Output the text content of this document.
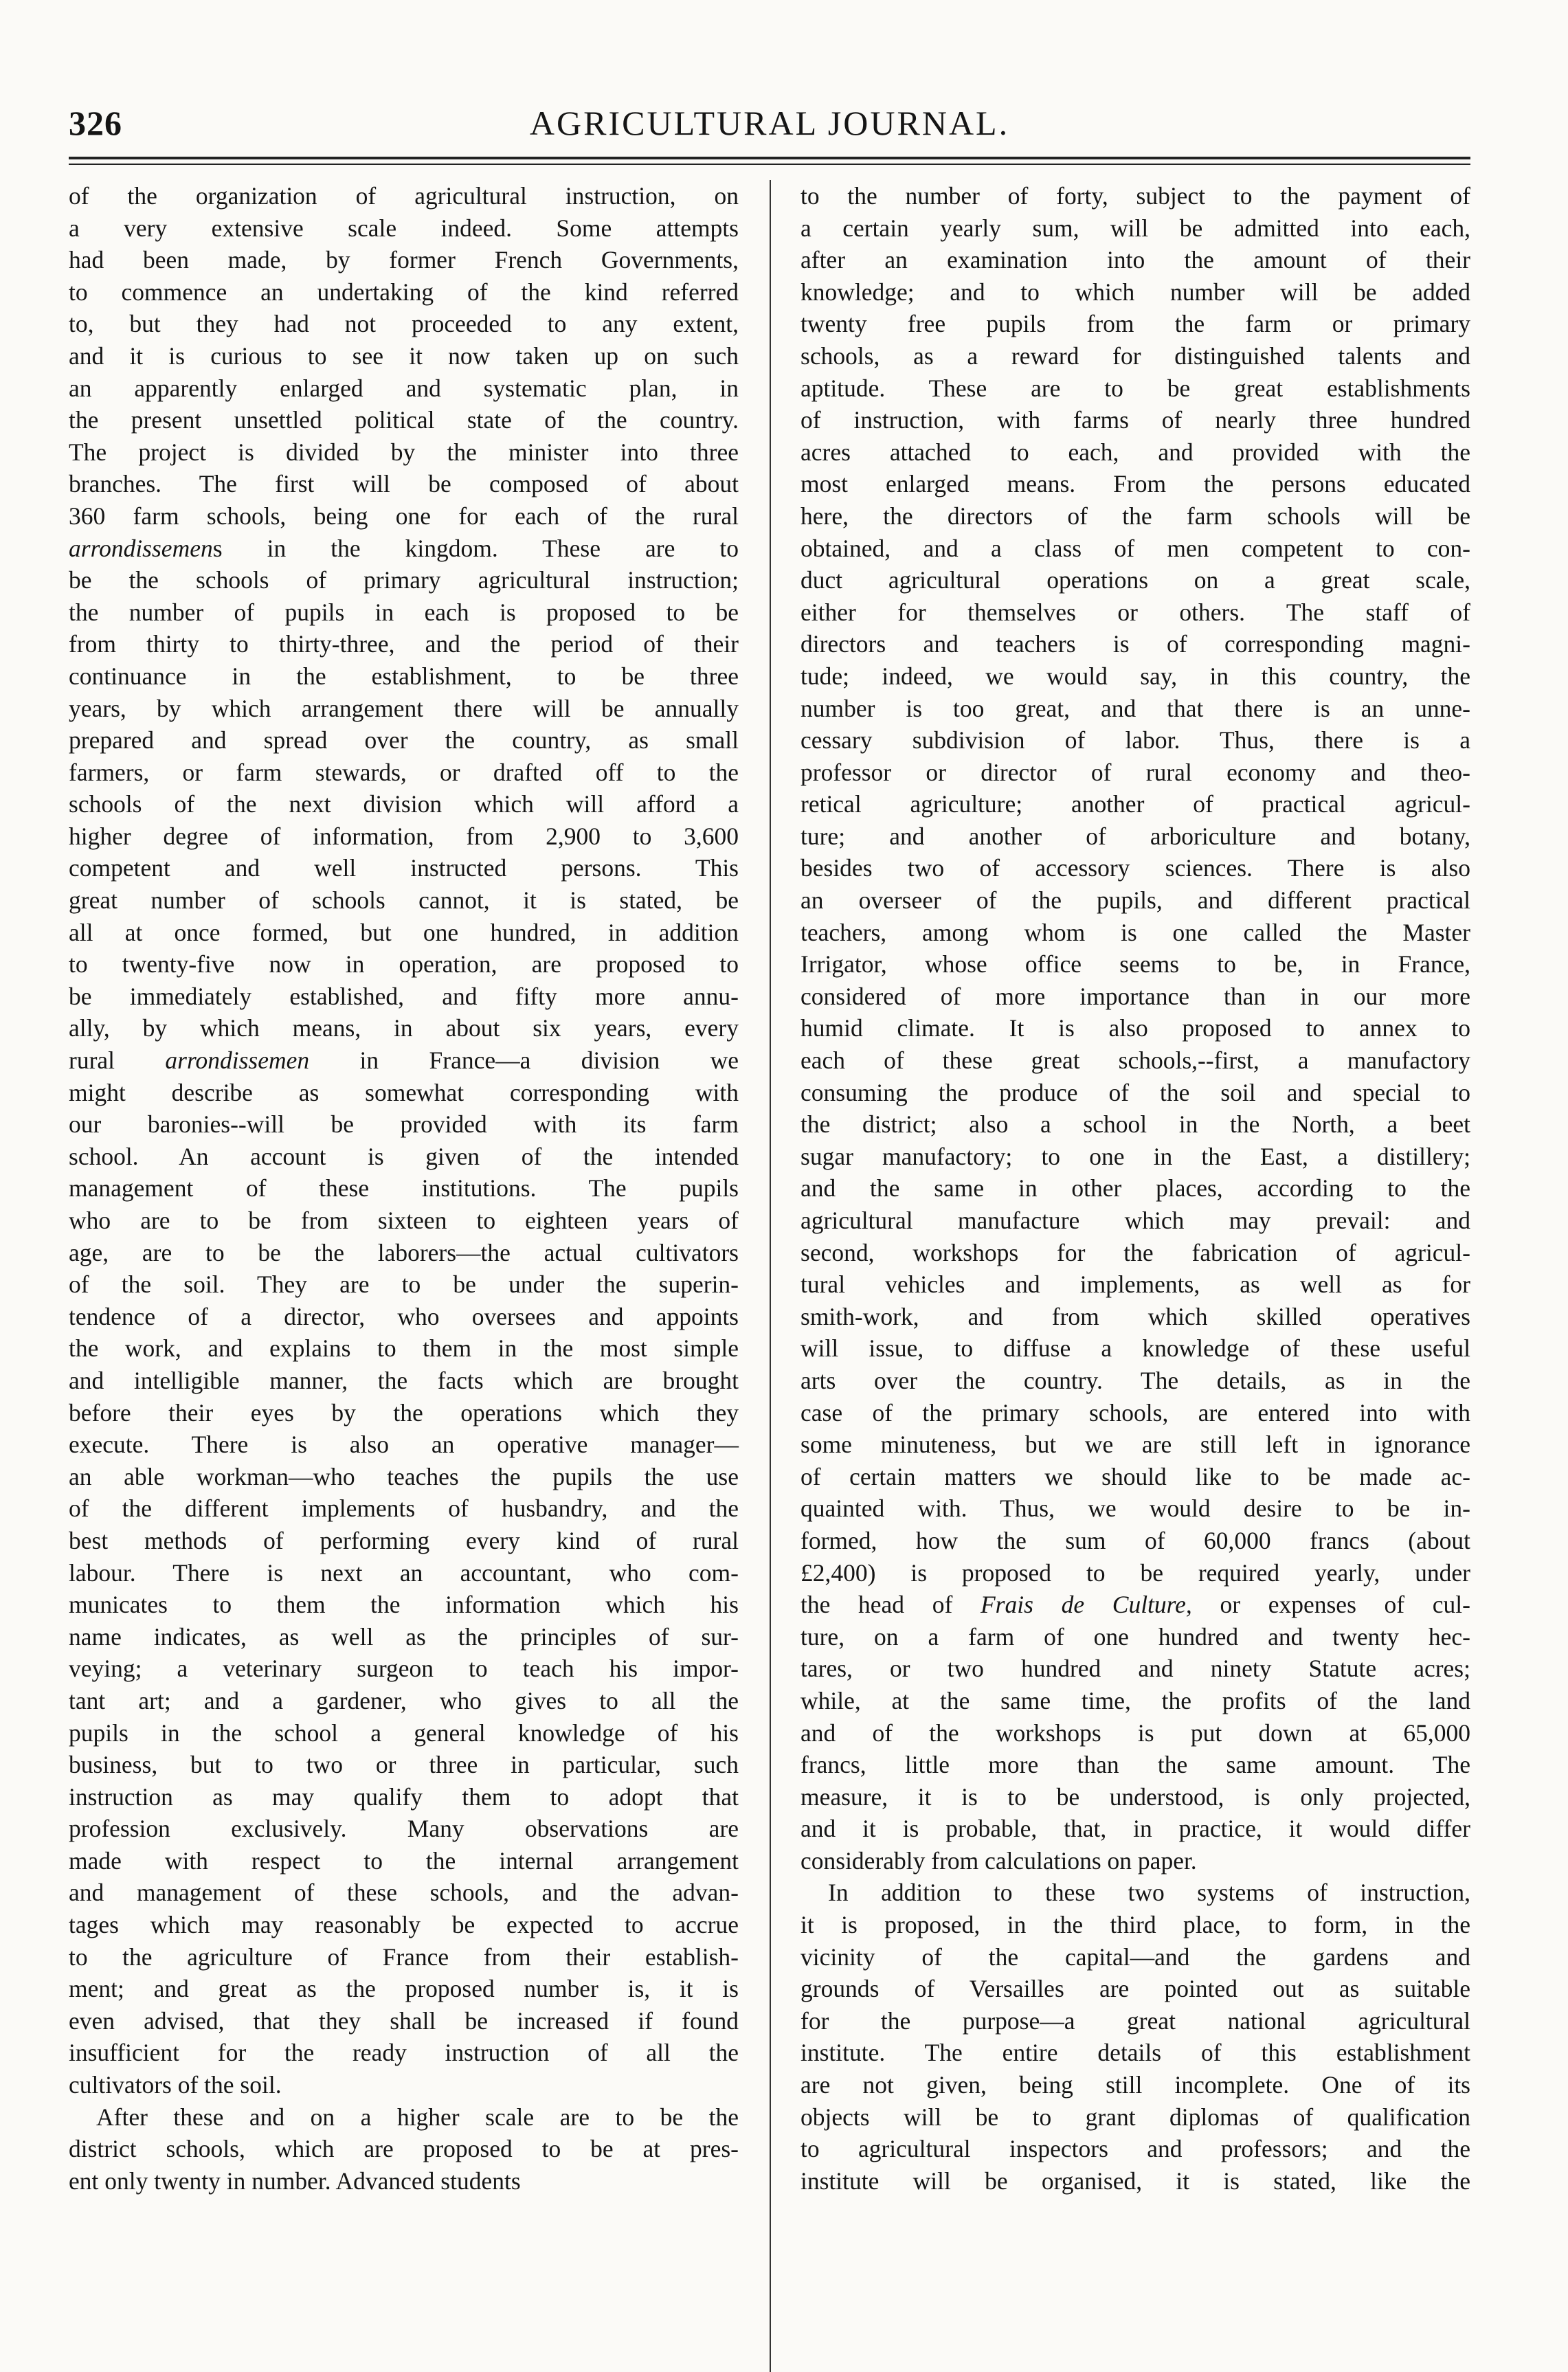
326	AGRICULTURAL JOURNAL.
of the organization of agricultural instruction, on
a very extensive scale indeed. Some attempts
had been made, by former French Governments,
to commence an undertaking of the kind referred
to, but they had not proceeded to any extent,
and it is curious to see it now taken up on such
an apparently enlarged and systematic plan, in
the present unsettled political state of the country.
The project is divided by the minister into three
branches. The first will be composed of about
360 farm schools, being one for each of the rural
arrondissemens in the kingdom. These are to
be the schools of primary agricultural instruction;
the number of pupils in each is proposed to be
from thirty to thirty-three, and the period of their
continuance in the establishment, to be three
years, by which arrangement there will be annually
prepared and spread over the country, as small
farmers, or farm stewards, or drafted off to the
schools of the next division which will afford a
higher degree of information, from 2,900 to 3,600
competent and well instructed persons. This
great number of schools cannot, it is stated, be
all at once formed, but one hundred, in addition
to twenty-five now in operation, are proposed to
be immediately established, and fifty more annu-
ally, by which means, in about six years, every
rural arrondissemen in France—a division we
might describe as somewhat corresponding with
our baronies--will be provided with its farm
school. An account is given of the intended
management of these institutions. The pupils
who are to be from sixteen to eighteen years of
age, are to be the laborers—the actual cultivators
of the soil. They are to be under the superin-
tendence of a director, who oversees and appoints
the work, and explains to them in the most simple
and intelligible manner, the facts which are brought
before their eyes by the operations which they
execute. There is also an operative manager—
an able workman—who teaches the pupils the use
of the different implements of husbandry, and the
best methods of performing every kind of rural
labour. There is next an accountant, who com-
municates to them the information which his
name indicates, as well as the principles of sur-
veying; a veterinary surgeon to teach his impor-
tant art; and a gardener, who gives to all the
pupils in the school a general knowledge of his
business, but to two or three in particular, such
instruction as may qualify them to adopt that
profession exclusively. Many observations are
made with respect to the internal arrangement
and management of these schools, and the advan-
tages which may reasonably be expected to accrue
to the agriculture of France from their establish-
ment; and great as the proposed number is, it is
even advised, that they shall be increased if found
insufficient for the ready instruction of all the
cultivators of the soil.
After these and on a higher scale are to be the
district schools, which are proposed to be at pres-
ent only twenty in number. Advanced students
to the number of forty, subject to the payment of
a certain yearly sum, will be admitted into each,
after an examination into the amount of their
knowledge; and to which number will be added
twenty free pupils from the farm or primary
schools, as a reward for distinguished talents and
aptitude. These are to be great establishments
of instruction, with farms of nearly three hundred
acres attached to each, and provided with the
most enlarged means. From the persons educated
here, the directors of the farm schools will be
obtained, and a class of men competent to con-
duct agricultural operations on a great scale,
either for themselves or others. The staff of
directors and teachers is of corresponding magni-
tude; indeed, we would say, in this country, the
number is too great, and that there is an unne-
cessary subdivision of labor. Thus, there is a
professor or director of rural economy and theo-
retical agriculture; another of practical agricul-
ture; and another of arboriculture and botany,
besides two of accessory sciences. There is also
an overseer of the pupils, and different practical
teachers, among whom is one called the Master
Irrigator, whose office seems to be, in France,
considered of more importance than in our more
humid climate. It is also proposed to annex to
each of these great schools,--first, a manufactory
consuming the produce of the soil and special to
the district; also a school in the North, a beet
sugar manufactory; to one in the East, a distillery;
and the same in other places, according to the
agricultural manufacture which may prevail: and
second, workshops for the fabrication of agricul-
tural vehicles and implements, as well as for
smith-work, and from which skilled operatives
will issue, to diffuse a knowledge of these useful
arts over the country. The details, as in the
case of the primary schools, are entered into with
some minuteness, but we are still left in ignorance
of certain matters we should like to be made ac-
quainted with. Thus, we would desire to be in-
formed, how the sum of 60,000 francs (about
£2,400) is proposed to be required yearly, under
the head of Frais de Culture, or expenses of cul-
ture, on a farm of one hundred and twenty hec-
tares, or two hundred and ninety Statute acres;
while, at the same time, the profits of the land
and of the workshops is put down at 65,000
francs, little more than the same amount. The
measure, it is to be understood, is only projected,
and it is probable, that, in practice, it would differ
considerably from calculations on paper.
In addition to these two systems of instruction,
it is proposed, in the third place, to form, in the
vicinity of the capital—and the gardens and
grounds of Versailles are pointed out as suitable
for the purpose—a great national agricultural
institute. The entire details of this establishment
are not given, being still incomplete. One of its
objects will be to grant diplomas of qualification
to agricultural inspectors and professors; and the
institute will be organised, it is stated, like the
